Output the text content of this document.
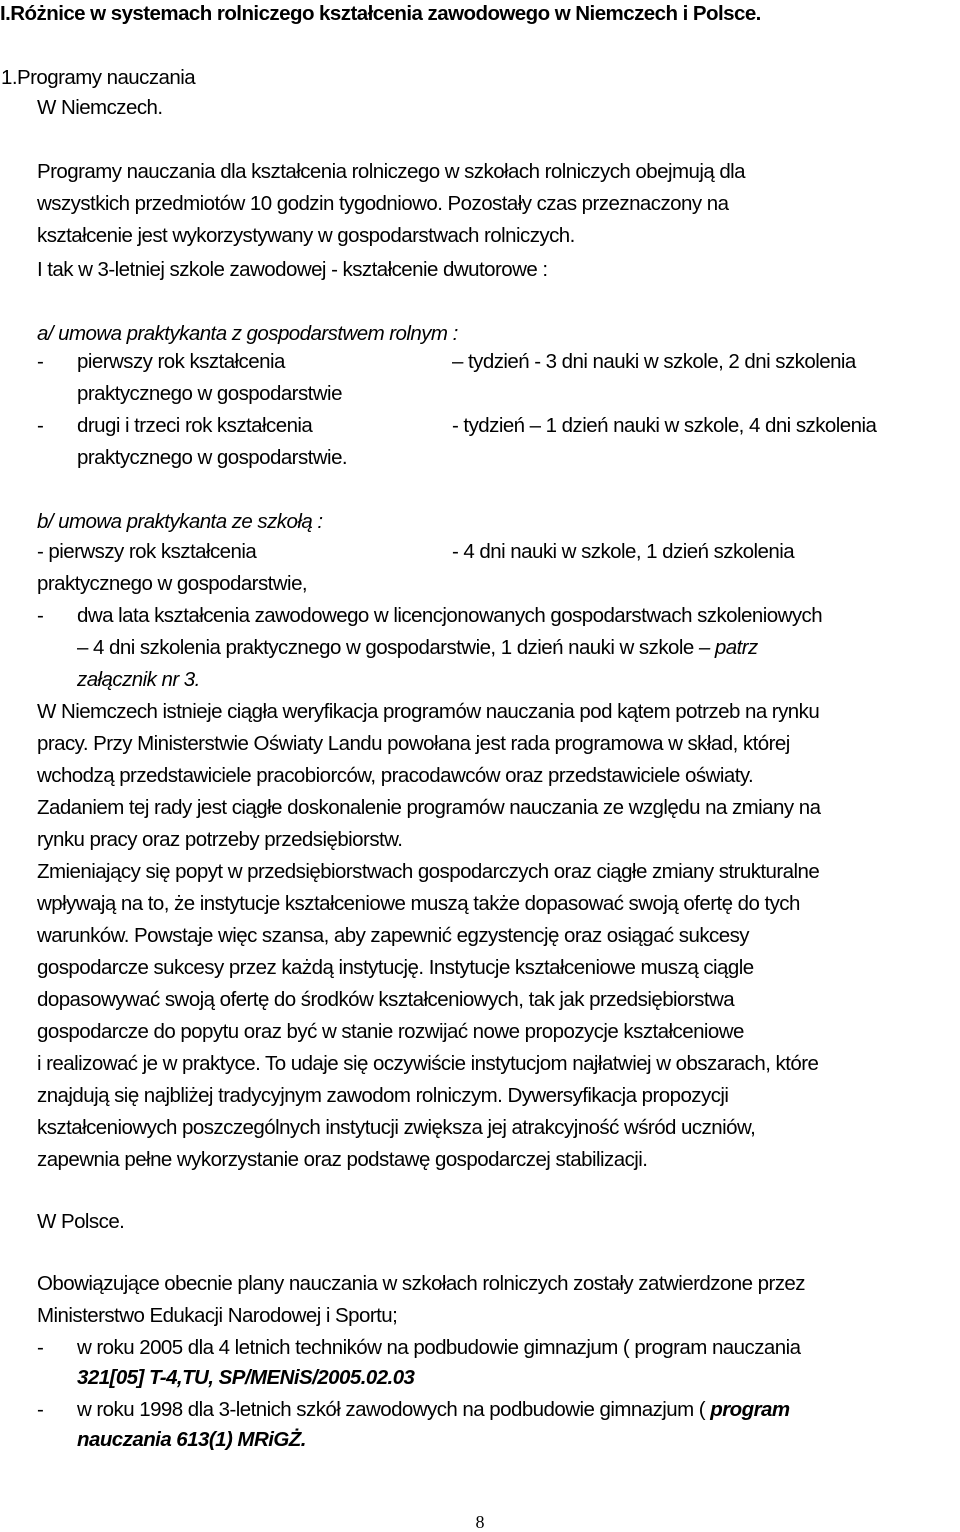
I.Różnice w systemach rolniczego kształcenia zawodowego w Niemczech i Polsce.
1.Programy nauczania
W Niemczech.
Programy nauczania dla kształcenia rolniczego w szkołach rolniczych obejmują dla
wszystkich przedmiotów 10 godzin tygodniowo. Pozostały czas przeznaczony na
kształcenie jest wykorzystywany w gospodarstwach rolniczych.
I tak w 3-letniej szkole zawodowej - kształcenie dwutorowe :
a/ umowa praktykanta z gospodarstwem rolnym :
- pierwszy rok kształcenia	– tydzień - 3 dni nauki w szkole, 2 dni szkolenia
praktycznego w gospodarstwie
- drugi i trzeci rok kształcenia	- tydzień – 1 dzień nauki w szkole, 4 dni szkolenia
praktycznego w gospodarstwie.
b/ umowa praktykanta ze szkołą :
- pierwszy rok kształcenia	- 4 dni nauki w szkole, 1 dzień szkolenia
praktycznego w gospodarstwie,
- dwa lata kształcenia zawodowego w licencjonowanych gospodarstwach szkoleniowych
– 4 dni szkolenia praktycznego w gospodarstwie, 1 dzień nauki w szkole – patrz
załącznik nr 3.
W Niemczech istnieje ciągła weryfikacja programów nauczania pod kątem potrzeb na rynku
pracy. Przy Ministerstwie Oświaty Landu powołana jest rada programowa w skład, której
wchodzą przedstawiciele pracobiorców, pracodawców oraz przedstawiciele oświaty.
Zadaniem tej rady jest ciągłe doskonalenie programów nauczania ze względu na zmiany na
rynku pracy oraz potrzeby przedsiębiorstw.
Zmieniający się popyt w przedsiębiorstwach gospodarczych oraz ciągłe zmiany strukturalne
wpływają na to, że instytucje kształceniowe muszą także dopasować swoją ofertę do tych
warunków. Powstaje więc szansa, aby zapewnić egzystencję oraz osiągać sukcesy
gospodarcze sukcesy przez każdą instytucję. Instytucje kształceniowe muszą ciągle
dopasowywać swoją ofertę do środków kształceniowych, tak jak przedsiębiorstwa
gospodarcze do popytu oraz być w stanie rozwijać nowe propozycje kształceniowe
i realizować je w praktyce. To udaje się oczywiście instytucjom najłatwiej w obszarach, które
znajdują się najbliżej tradycyjnym zawodom rolniczym. Dywersyfikacja propozycji
kształceniowych poszczególnych instytucji zwiększa jej atrakcyjność wśród uczniów,
zapewnia pełne wykorzystanie oraz podstawę gospodarczej stabilizacji.
W Polsce.
Obowiązujące obecnie plany nauczania w szkołach rolniczych zostały zatwierdzone przez
Ministerstwo Edukacji Narodowej i Sportu;
- w roku 2005 dla 4 letnich techników na podbudowie gimnazjum ( program nauczania
321[05] T-4,TU, SP/MENiS/2005.02.03
- w roku 1998 dla 3-letnich szkół zawodowych na podbudowie gimnazjum ( program
nauczania 613(1) MRiGŻ.
8
